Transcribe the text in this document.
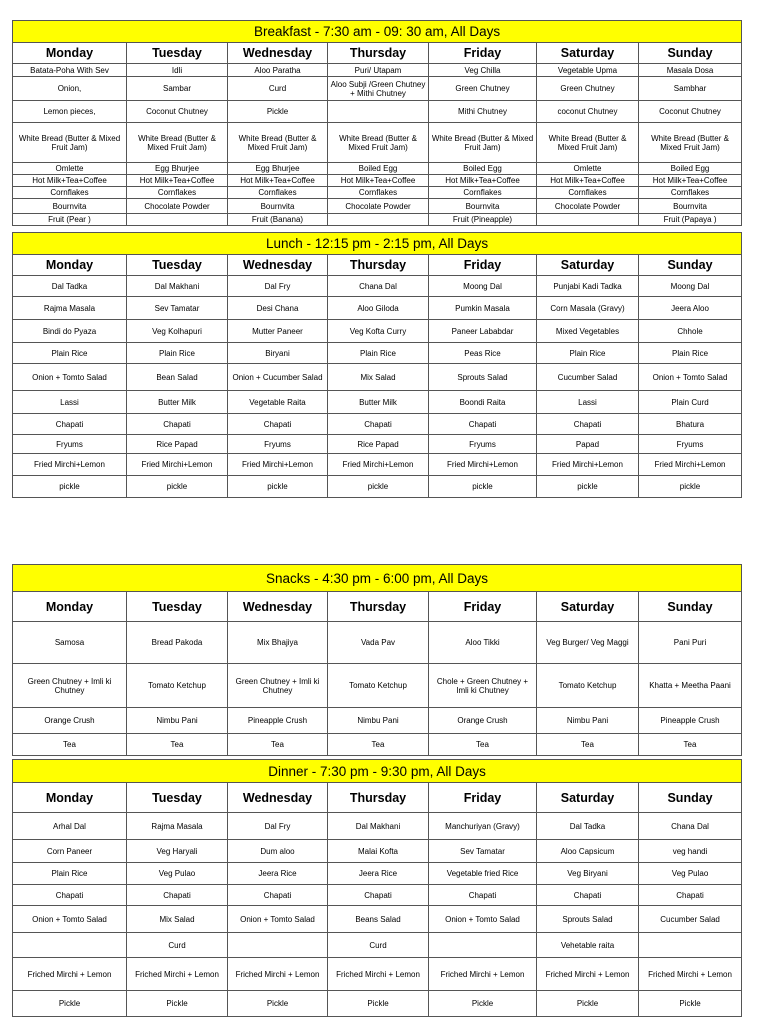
Breakfast - 7:30 am - 09: 30 am, All Days						
Monday	Tuesday	Wednesday	Thursday	Friday	Saturday	Sunday
Batata-Poha With Sev	Idli	Aloo Paratha	Puri/ Utapam	Veg Chilla	Vegetable Upma	Masala Dosa
Onion,	Sambar	Curd	Aloo Subji /Green Chutney + Mithi Chutney	Green Chutney	Green Chutney	Sambhar
Lemon pieces,	Coconut Chutney	Pickle		Mithi Chutney	coconut Chutney	Coconut Chutney
White Bread (Butter & Mixed Fruit Jam)	White Bread (Butter & Mixed Fruit Jam)	White Bread (Butter & Mixed Fruit Jam)	White Bread (Butter & Mixed Fruit Jam)	White Bread (Butter & Mixed Fruit Jam)	White Bread (Butter & Mixed Fruit Jam)	White Bread (Butter & Mixed Fruit Jam)
Omlette	Egg Bhurjee	Egg Bhurjee	Boiled Egg	Boiled Egg	Omlette	Boiled Egg
Hot Milk+Tea+Coffee	Hot Milk+Tea+Coffee	Hot Milk+Tea+Coffee	Hot Milk+Tea+Coffee	Hot Milk+Tea+Coffee	Hot Milk+Tea+Coffee	Hot Milk+Tea+Coffee
Cornflakes	Cornflakes	Cornflakes	Cornflakes	Cornflakes	Cornflakes	Cornflakes
Bournvita	Chocolate Powder	Bournvita	Chocolate Powder	Bournvita	Chocolate Powder	Bournvita
Fruit (Pear )		Fruit (Banana)		Fruit (Pineapple)		Fruit (Papaya )
Lunch - 12:15 pm - 2:15 pm, All Days						
Monday	Tuesday	Wednesday	Thursday	Friday	Saturday	Sunday
Dal Tadka	Dal Makhani	Dal Fry	Chana Dal	Moong Dal	Punjabi Kadi Tadka	Moong Dal
Rajma Masala	Sev Tamatar	Desi Chana	Aloo Giloda	Pumkin Masala	Corn Masala (Gravy)	Jeera Aloo
Bindi do Pyaza	Veg Kolhapuri	Mutter Paneer	Veg Kofta Curry	Paneer Lababdar	Mixed Vegetables	Chhole
Plain Rice	Plain Rice	Biryani	Plain Rice	Peas Rice	Plain Rice	Plain Rice
Onion + Tomto Salad	Bean Salad	Onion + Cucumber Salad	Mix Salad	Sprouts Salad	Cucumber Salad	Onion + Tomto Salad
Lassi	Butter Milk	Vegetable Raita	Butter Milk	Boondi Raita	Lassi	Plain Curd
Chapati	Chapati	Chapati	Chapati	Chapati	Chapati	Bhatura
Fryums	Rice Papad	Fryums	Rice Papad	Fryums	Papad	Fryums
Fried Mirchi+Lemon	Fried Mirchi+Lemon	Fried Mirchi+Lemon	Fried Mirchi+Lemon	Fried Mirchi+Lemon	Fried Mirchi+Lemon	Fried Mirchi+Lemon
pickle	pickle	pickle	pickle	pickle	pickle	pickle
Snacks - 4:30 pm - 6:00 pm, All Days						
Monday	Tuesday	Wednesday	Thursday	Friday	Saturday	Sunday
Samosa	Bread Pakoda	Mix Bhajiya	Vada Pav	Aloo Tikki	Veg Burger/ Veg Maggi	Pani Puri
Green Chutney + Imli ki Chutney	Tomato Ketchup	Green Chutney + Imli ki Chutney	Tomato Ketchup	Chole + Green Chutney + Imli ki Chutney	Tomato Ketchup	Khatta + Meetha Paani
Orange Crush	Nimbu Pani	Pineapple Crush	Nimbu Pani	Orange Crush	Nimbu Pani	Pineapple Crush
Tea	Tea	Tea	Tea	Tea	Tea	Tea
Dinner - 7:30 pm - 9:30 pm, All Days						
Monday	Tuesday	Wednesday	Thursday	Friday	Saturday	Sunday
Arhal Dal	Rajma Masala	Dal Fry	Dal Makhani	Manchuriyan (Gravy)	Dal Tadka	Chana Dal
Corn Paneer	Veg Haryali	Dum aloo	Malai Kofta	Sev Tamatar	Aloo Capsicum	veg handi
Plain Rice	Veg Pulao	Jeera Rice	Jeera Rice	Vegetable fried Rice	Veg Biryani	Veg Pulao
Chapati	Chapati	Chapati	Chapati	Chapati	Chapati	Chapati
Onion + Tomto Salad	Mix Salad	Onion + Tomto Salad	Beans Salad	Onion + Tomto Salad	Sprouts Salad	Cucumber Salad
	Curd		Curd		Vehetable raita	
Friched Mirchi + Lemon	Friched Mirchi + Lemon	Friched Mirchi + Lemon	Friched Mirchi + Lemon	Friched Mirchi + Lemon	Friched Mirchi + Lemon	Friched Mirchi + Lemon
Pickle	Pickle	Pickle	Pickle	Pickle	Pickle	Pickle
